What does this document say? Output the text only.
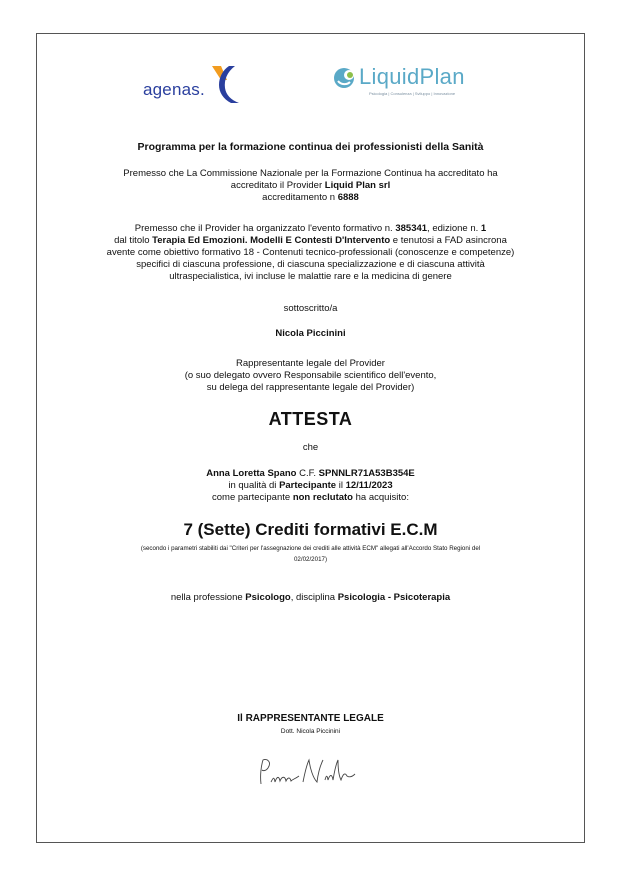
agenas.
LiquidPlan
Psicologia | Consulenza | Sviluppo | Innovazione
Programma per la formazione continua dei professionisti della Sanità
Premesso che La Commissione Nazionale per la Formazione Continua ha accreditato ha
accreditato il Provider Liquid Plan srl
accreditamento n 6888
Premesso che il Provider ha organizzato l'evento formativo n. 385341, edizione n. 1
dal titolo Terapia Ed Emozioni. Modelli E Contesti D'Intervento e tenutosi a FAD asincrona
avente come obiettivo formativo 18 - Contenuti tecnico-professionali (conoscenze e competenze)
specifici di ciascuna professione, di ciascuna specializzazione e di ciascuna attività
ultraspecialistica, ivi incluse le malattie rare e la medicina di genere
sottoscritto/a
Nicola Piccinini
Rappresentante legale del Provider
(o suo delegato ovvero Responsabile scientifico dell'evento,
su delega del rappresentante legale del Provider)
ATTESTA
che
Anna Loretta Spano C.F. SPNNLR71A53B354E
in qualità di Partecipante il 12/11/2023
come partecipante non reclutato ha acquisito:
7 (Sette) Crediti formativi E.C.M
(secondo i parametri stabiliti dai "Criteri per l'assegnazione dei crediti alle attività ECM" allegati all'Accordo Stato Regioni del
02/02/2017)
nella professione Psicologo, disciplina Psicologia - Psicoterapia
Il RAPPRESENTANTE LEGALE
Dott. Nicola Piccinini
